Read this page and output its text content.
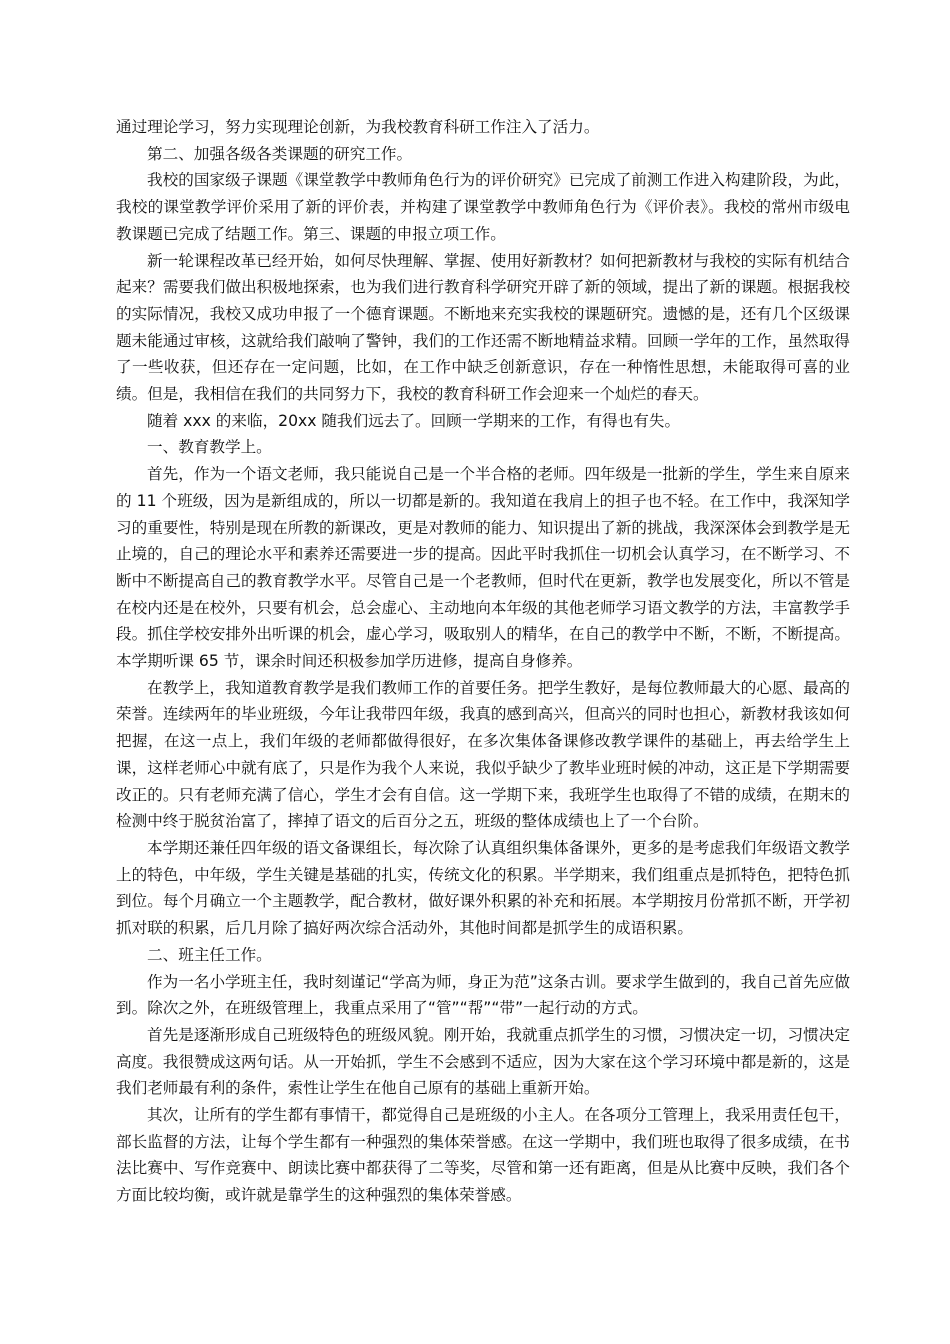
通过理论学习，努力实现理论创新，为我校教育科研工作注入了活力。

第二、加强各级各类课题的研究工作。

我校的国家级子课题《课堂教学中教师角色行为的评价研究》已完成了前测工作进入构建阶段，为此，我校的课堂教学评价采用了新的评价表，并构建了课堂教学中教师角色行为《评价表》。我校的常州市级电教课题已完成了结题工作。第三、课题的申报立项工作。

新一轮课程改革已经开始，如何尽快理解、掌握、使用好新教材？如何把新教材与我校的实际有机结合起来？需要我们做出积极地探索，也为我们进行教育科学研究开辟了新的领域，提出了新的课题。根据我校的实际情况，我校又成功申报了一个德育课题。不断地来充实我校的课题研究。遗憾的是，还有几个区级课题未能通过审核，这就给我们敲响了警钟，我们的工作还需不断地精益求精。回顾一学年的工作，虽然取得了一些收获，但还存在一定问题，比如，在工作中缺乏创新意识，存在一种惰性思想，未能取得可喜的业绩。但是，我相信在我们的共同努力下，我校的教育科研工作会迎来一个灿烂的春天。

随着 xxx 的来临，20xx 随我们远去了。回顾一学期来的工作，有得也有失。

一、教育教学上。

首先，作为一个语文老师，我只能说自己是一个半合格的老师。四年级是一批新的学生，学生来自原来的 11 个班级，因为是新组成的，所以一切都是新的。我知道在我肩上的担子也不轻。在工作中，我深知学习的重要性，特别是现在所教的新课改，更是对教师的能力、知识提出了新的挑战，我深深体会到教学是无止境的，自己的理论水平和素养还需要进一步的提高。因此平时我抓住一切机会认真学习，在不断学习、不断中不断提高自己的教育教学水平。尽管自己是一个老教师，但时代在更新，教学也发展变化，所以不管是在校内还是在校外，只要有机会，总会虚心、主动地向本年级的其他老师学习语文教学的方法，丰富教学手段。抓住学校安排外出听课的机会，虚心学习，吸取别人的精华，在自己的教学中不断，不断，不断提高。本学期听课 65 节，课余时间还积极参加学历进修，提高自身修养。

在教学上，我知道教育教学是我们教师工作的首要任务。把学生教好，是每位教师最大的心愿、最高的荣誉。连续两年的毕业班级，今年让我带四年级，我真的感到高兴，但高兴的同时也担心，新教材我该如何把握，在这一点上，我们年级的老师都做得很好，在多次集体备课修改教学课件的基础上，再去给学生上课，这样老师心中就有底了，只是作为我个人来说，我似乎缺少了教毕业班时候的冲动，这正是下学期需要改正的。只有老师充满了信心，学生才会有自信。这一学期下来，我班学生也取得了不错的成绩，在期末的检测中终于脱贫治富了，摔掉了语文的后百分之五，班级的整体成绩也上了一个台阶。

本学期还兼任四年级的语文备课组长，每次除了认真组织集体备课外，更多的是考虑我们年级语文教学上的特色，中年级，学生关键是基础的扎实，传统文化的积累。半学期来，我们组重点是抓特色，把特色抓到位。每个月确立一个主题教学，配合教材，做好课外积累的补充和拓展。本学期按月份常抓不断，开学初抓对联的积累，后几月除了搞好两次综合活动外，其他时间都是抓学生的成语积累。

二、班主任工作。

作为一名小学班主任，我时刻谨记“学高为师，身正为范”这条古训。要求学生做到的，我自己首先应做到。除次之外，在班级管理上，我重点采用了“管”“帮”“带”一起行动的方式。

首先是逐渐形成自己班级特色的班级风貌。刚开始，我就重点抓学生的习惯，习惯决定一切，习惯决定高度。我很赞成这两句话。从一开始抓，学生不会感到不适应，因为大家在这个学习环境中都是新的，这是我们老师最有利的条件，索性让学生在他自己原有的基础上重新开始。

其次，让所有的学生都有事情干，都觉得自己是班级的小主人。在各项分工管理上，我采用责任包干，部长监督的方法，让每个学生都有一种强烈的集体荣誉感。在这一学期中，我们班也取得了很多成绩，在书法比赛中、写作竞赛中、朗读比赛中都获得了二等奖，尽管和第一还有距离，但是从比赛中反映，我们各个方面比较均衡，或许就是靠学生的这种强烈的集体荣誉感。
